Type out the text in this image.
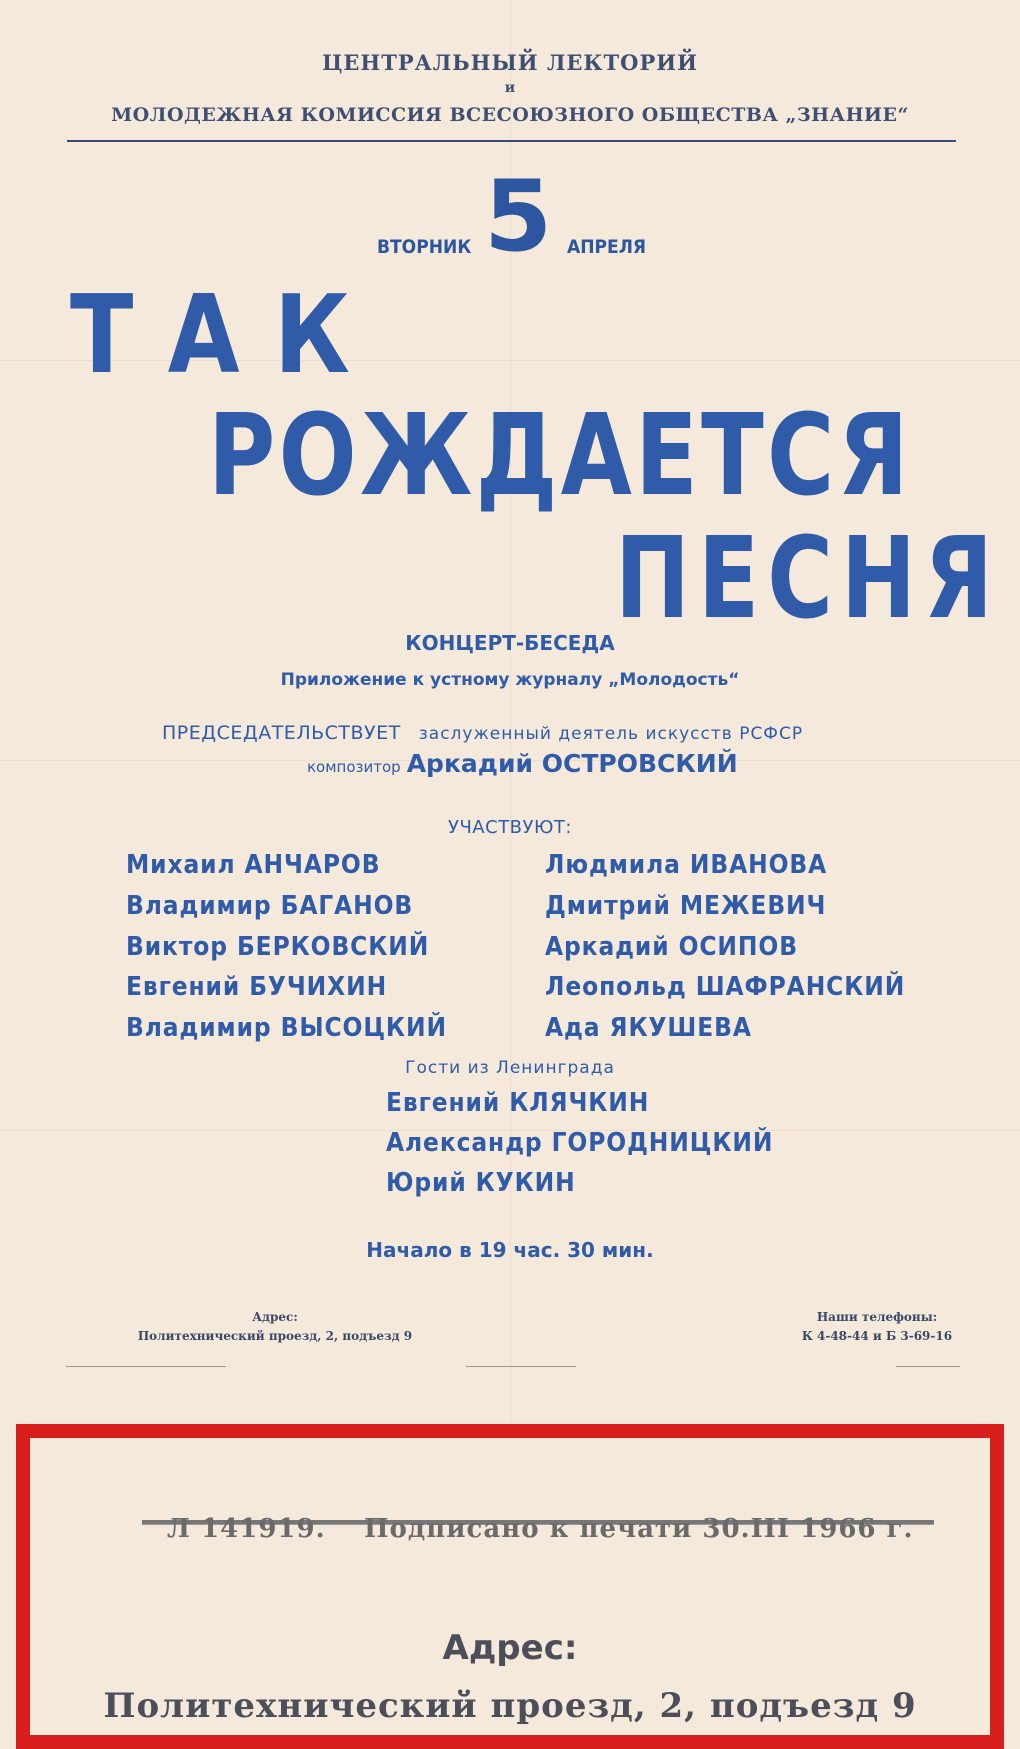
ЦЕНТРАЛЬНЫЙ ЛЕКТОРИЙ
и
МОЛОДЕЖНАЯ КОМИССИЯ ВСЕСОЮЗНОГО ОБЩЕСТВА „ЗНАНИЕ“
ВТОРНИК 5 АПРЕЛЯ
ТАК
РОЖДАЕТСЯ
ПЕСНЯ
КОНЦЕРТ-БЕСЕДА
Приложение к устному журналу „Молодость“
ПРЕДСЕДАТЕЛЬСТВУЕТ заслуженный деятель искусств РСФСР
композитор Аркадий ОСТРОВСКИЙ
УЧАСТВУЮТ:
Михаил АНЧАРОВ
Владимир БАГАНОВ
Виктор БЕРКОВСКИЙ
Евгений БУЧИХИН
Владимир ВЫСОЦКИЙ
Людмила ИВАНОВА
Дмитрий МЕЖЕВИЧ
Аркадий ОСИПОВ
Леопольд ШАФРАНСКИЙ
Ада ЯКУШЕВА
Гости из Ленинграда
Евгений КЛЯЧКИН
Александр ГОРОДНИЦКИЙ
Юрий КУКИН
Начало в 19 час. 30 мин.
Адрес:
Политехнический проезд, 2, подъезд 9
Наши телефоны:
К 4-48-44 и Б 3-69-16
Л 141919. Подписано к печати 30.III 1966 г.
Адрес:
Политехнический проезд, 2, подъезд 9
